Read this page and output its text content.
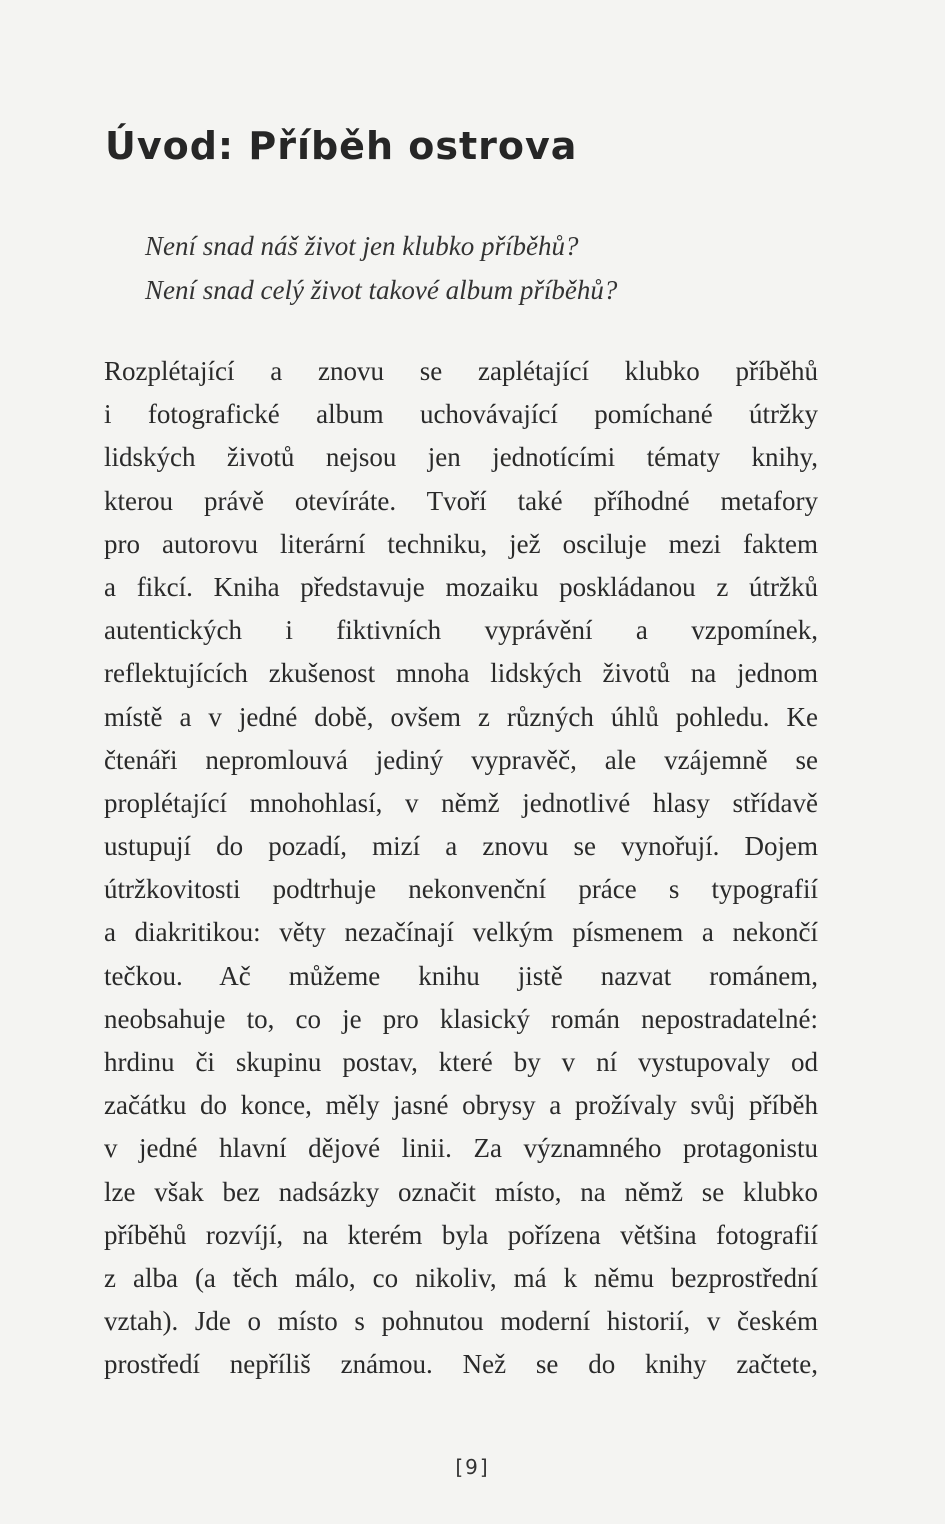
Úvod: Příběh ostrova
Není snad náš život jen klubko příběhů?
Není snad celý život takové album příběhů?
Rozplétající a znovu se zaplétající klubko příběhů
i fotografické album uchovávající pomíchané útržky
lidských životů nejsou jen jednotícími tématy knihy,
kterou právě otevíráte. Tvoří také příhodné metafory
pro autorovu literární techniku, jež osciluje mezi faktem
a fikcí. Kniha představuje mozaiku poskládanou z útržků
autentických i fiktivních vyprávění a vzpomínek,
reflektujících zkušenost mnoha lidských životů na jednom
místě a v jedné době, ovšem z různých úhlů pohledu. Ke
čtenáři nepromlouvá jediný vypravěč, ale vzájemně se
proplétající mnohohlasí, v němž jednotlivé hlasy střídavě
ustupují do pozadí, mizí a znovu se vynořují. Dojem
útržkovitosti podtrhuje nekonvenční práce s typografií
a diakritikou: věty nezačínají velkým písmenem a nekončí
tečkou. Ač můžeme knihu jistě nazvat románem,
neobsahuje to, co je pro klasický román nepostradatelné:
hrdinu či skupinu postav, které by v ní vystupovaly od
začátku do konce, měly jasné obrysy a prožívaly svůj příběh
v jedné hlavní dějové linii. Za významného protagonistu
lze však bez nadsázky označit místo, na němž se klubko
příběhů rozvíjí, na kterém byla pořízena většina fotografií
z alba (a těch málo, co nikoliv, má k němu bezprostřední
vztah). Jde o místo s pohnutou moderní historií, v českém
prostředí nepříliš známou. Než se do knihy začtete,
[9]
